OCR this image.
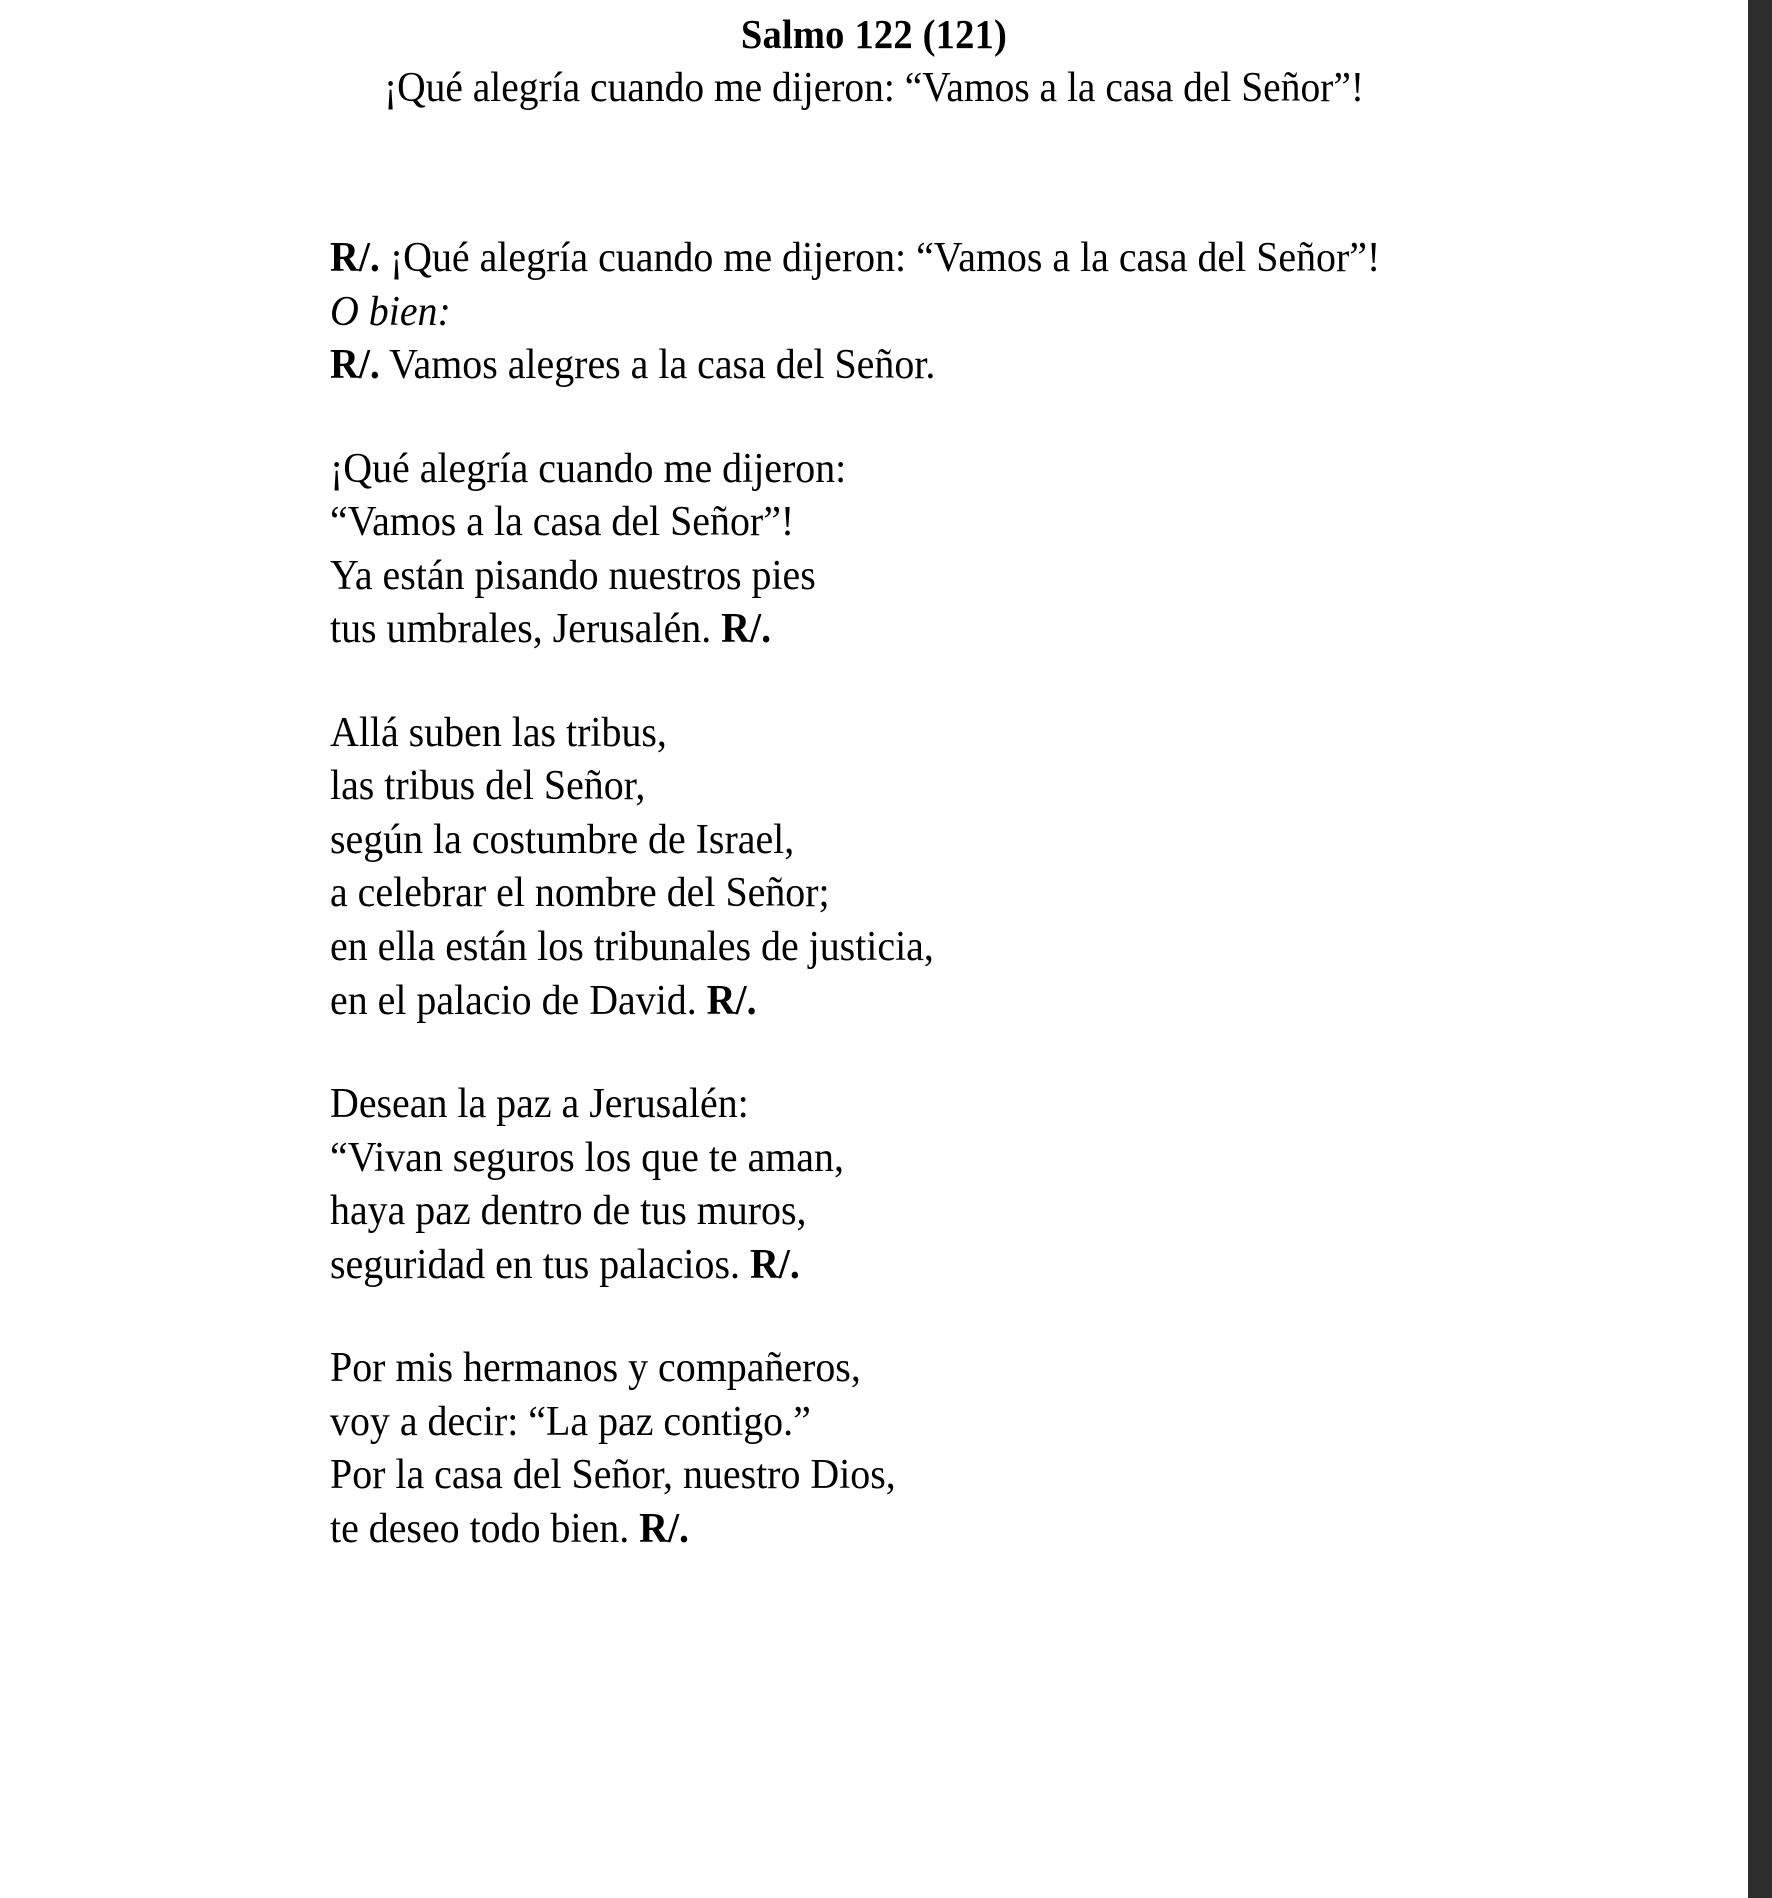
Salmo 122 (121)
¡Qué alegría cuando me dijeron: “Vamos a la casa del Señor”!
R/. ¡Qué alegría cuando me dijeron: “Vamos a la casa del Señor”!
O bien:
R/. Vamos alegres a la casa del Señor.
¡Qué alegría cuando me dijeron:
“Vamos a la casa del Señor”!
Ya están pisando nuestros pies
tus umbrales, Jerusalén. R/.
Allá suben las tribus,
las tribus del Señor,
según la costumbre de Israel,
a celebrar el nombre del Señor;
en ella están los tribunales de justicia,
en el palacio de David. R/.
Desean la paz a Jerusalén:
“Vivan seguros los que te aman,
haya paz dentro de tus muros,
seguridad en tus palacios. R/.
Por mis hermanos y compañeros,
voy a decir: “La paz contigo.”
Por la casa del Señor, nuestro Dios,
te deseo todo bien. R/.
